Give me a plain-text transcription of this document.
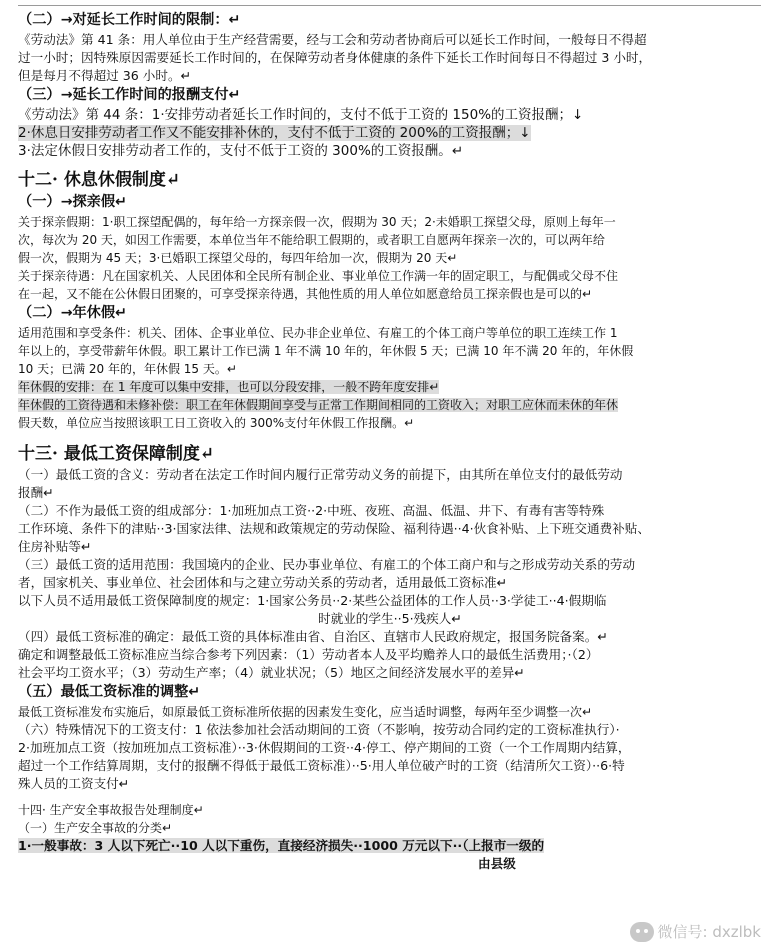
（二）→对延长工作时间的限制：↵

《劳动法》第 41 条：用人单位由于生产经营需要，经与工会和劳动者协商后可以延长工作时间，一般每日不得超

过一小时；因特殊原因需要延长工作时间的，在保障劳动者身体健康的条件下延长工作时间每日不得超过 3 小时，

但是每月不得超过 36 小时。↵

（三）→延长工作时间的报酬支付↵

《劳动法》第 44 条：1·安排劳动者延长工作时间的，支付不低于工资的 150%的工资报酬；↓

2·休息日安排劳动者工作又不能安排补休的，支付不低于工资的 200%的工资报酬；↓

3·法定休假日安排劳动者工作的，支付不低于工资的 300%的工资报酬。↵

十二· 休息休假制度↵

（一）→探亲假↵

关于探亲假期：1·职工探望配偶的，每年给一方探亲假一次，假期为 30 天；2·未婚职工探望父母，原则上每年一

次，每次为 20 天，如因工作需要，本单位当年不能给职工假期的，或者职工自愿两年探亲一次的，可以两年给

假一次，假期为 45 天；3·已婚职工探望父母的，每四年给加一次，假期为 20 天↵

关于探亲待遇：凡在国家机关、人民团体和全民所有制企业、事业单位工作满一年的固定职工，与配偶或父母不住

在一起，又不能在公休假日团聚的，可享受探亲待遇，其他性质的用人单位如愿意给员工探亲假也是可以的↵

（二）→年休假↵

适用范围和享受条件：机关、团体、企事业单位、民办非企业单位、有雇工的个体工商户等单位的职工连续工作 1

年以上的，享受带薪年休假。职工累计工作已满 1 年不满 10 年的，年休假 5 天；已满 10 年不满 20 年的，年休假

10 天；已满 20 年的，年休假 15 天。↵

年休假的安排：在 1 年度可以集中安排，也可以分段安排，一般不跨年度安排↵

年休假的工资待遇和未修补偿：职工在年休假期间享受与正常工作期间相同的工资收入；对职工应休而未休的年休

假天数，单位应当按照该职工日工资收入的 300%支付年休假工作报酬。↵

十三· 最低工资保障制度↵

（一）最低工资的含义：劳动者在法定工作时间内履行正常劳动义务的前提下，由其所在单位支付的最低劳动

报酬↵

（二）不作为最低工资的组成部分：1·加班加点工资··2·中班、夜班、高温、低温、井下、有毒有害等特殊

工作环境、条件下的津贴··3·国家法律、法规和政策规定的劳动保险、福利待遇··4·伙食补贴、上下班交通费补贴、

住房补贴等↵

（三）最低工资的适用范围：我国境内的企业、民办事业单位、有雇工的个体工商户和与之形成劳动关系的劳动

者，国家机关、事业单位、社会团体和与之建立劳动关系的劳动者，适用最低工资标准↵

以下人员不适用最低工资保障制度的规定：1·国家公务员··2·某些公益团体的工作人员··3·学徒工··4·假期临

时就业的学生··5·残疾人↵

（四）最低工资标准的确定：最低工资的具体标准由省、自治区、直辖市人民政府规定，报国务院备案。↵

确定和调整最低工资标准应当综合参考下列因素：（1）劳动者本人及平均赡养人口的最低生活费用；·（2）

社会平均工资水平；（3）劳动生产率；（4）就业状况；（5）地区之间经济发展水平的差异↵

（五）最低工资标准的调整↵

最低工资标准发布实施后，如原最低工资标准所依据的因素发生变化，应当适时调整，每两年至少调整一次↵

（六）特殊情况下的工资支付：1 依法参加社会活动期间的工资（不影响，按劳动合同约定的工资标准执行）·

2·加班加点工资（按加班加点工资标准）··3·休假期间的工资··4·停工、停产期间的工资（一个工作周期内结算，

超过一个工作结算周期，支付的报酬不得低于最低工资标准）··5·用人单位破产时的工资（结清所欠工资）··6·特

殊人员的工资支付↵

十四· 生产安全事故报告处理制度↵

（一）生产安全事故的分类↵

1·一般事故：3 人以下死亡··10 人以下重伤，直接经济损失··1000 万元以下··（上报市一级的

由县级

微信号: dxzlbk
